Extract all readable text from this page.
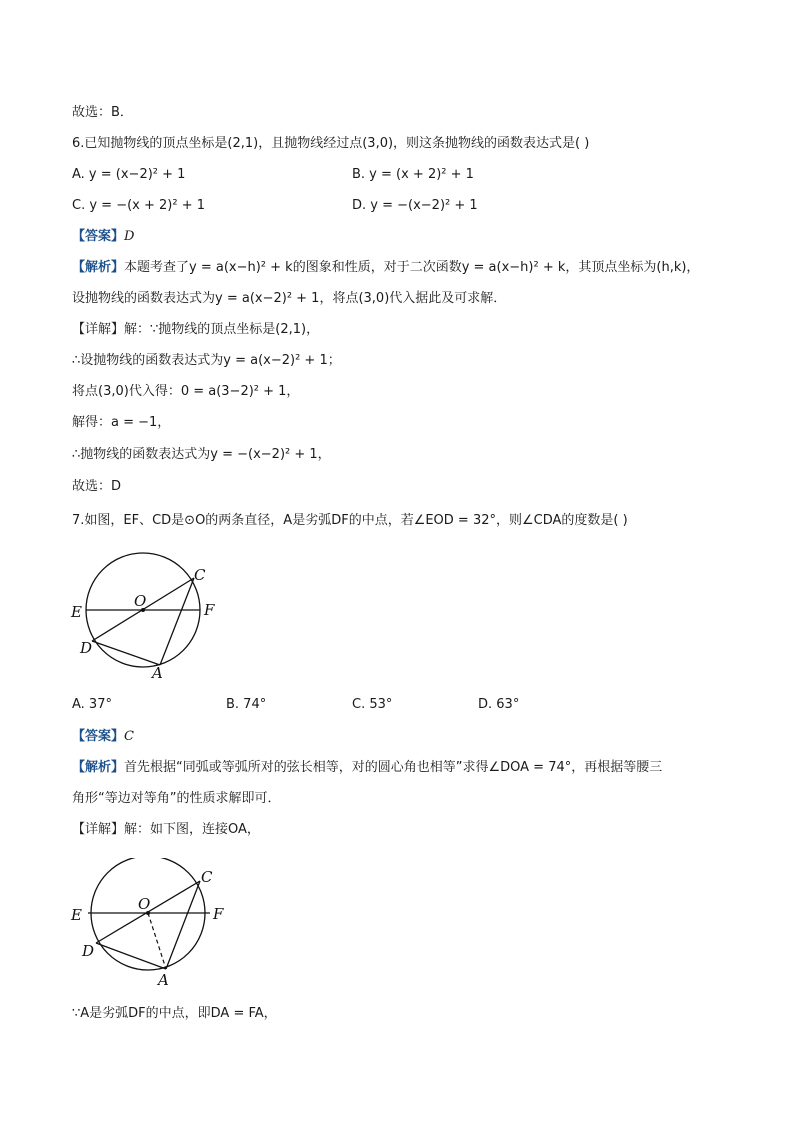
故选：B．
6.已知抛物线的顶点坐标是(2,1)，且抛物线经过点(3,0)，则这条抛物线的函数表达式是( )
A. y = (x−2)² + 1	B. y = (x + 2)² + 1
C. y = −(x + 2)² + 1	D. y = −(x−2)² + 1
【答案】D
【解析】本题考查了y = a(x−h)² + k的图象和性质，对于二次函数y = a(x−h)² + k，其顶点坐标为(h,k)，
设抛物线的函数表达式为y = a(x−2)² + 1，将点(3,0)代入据此及可求解．
【详解】解：∵抛物线的顶点坐标是(2,1)，
∴设抛物线的函数表达式为y = a(x−2)² + 1；
将点(3,0)代入得：0 = a(3−2)² + 1，
解得：a = −1，
∴抛物线的函数表达式为y = −(x−2)² + 1，
故选：D
7.如图，EF、CD是⊙O的两条直径，A是劣弧DF的中点，若∠EOD = 32°，则∠CDA的度数是( )
C
O
E	F
D
A
A. 37°	B. 74°	C. 53°	D. 63°
【答案】C
【解析】首先根据“同弧或等弧所对的弦长相等，对的圆心角也相等”求得∠DOA = 74°，再根据等腰三
角形“等边对等角”的性质求解即可．
【详解】解：如下图，连接OA，
C
O
E	F
D
A
∵A是劣弧DF的中点，即DA = FA，
